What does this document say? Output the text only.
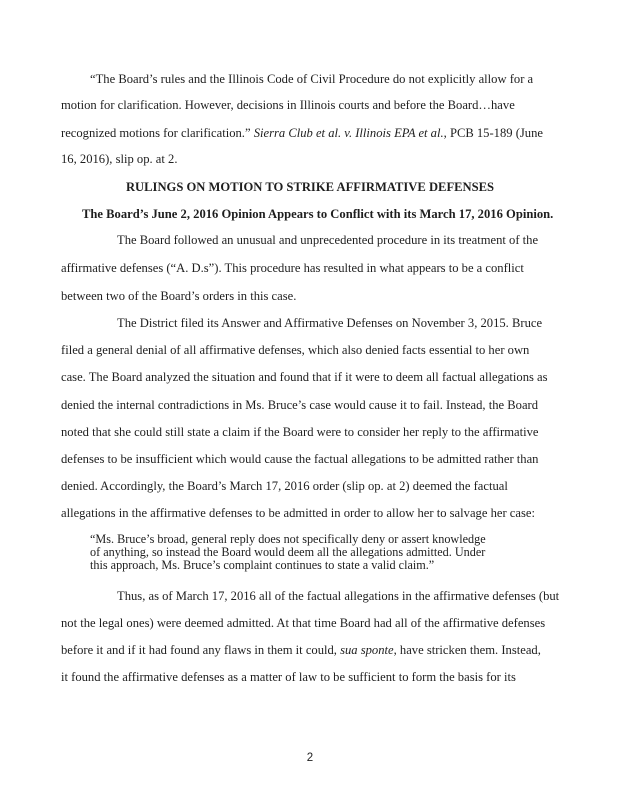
“The Board’s rules and the Illinois Code of Civil Procedure do not explicitly allow for a
motion for clarification. However, decisions in Illinois courts and before the Board…have
recognized motions for clarification.” Sierra Club et al. v. Illinois EPA et al., PCB 15-189 (June
16, 2016), slip op. at 2.
RULINGS ON MOTION TO STRIKE AFFIRMATIVE DEFENSES
The Board’s June 2, 2016 Opinion Appears to Conflict with its March 17, 2016 Opinion.
The Board followed an unusual and unprecedented procedure in its treatment of the
affirmative defenses (“A. D.s”). This procedure has resulted in what appears to be a conflict
between two of the Board’s orders in this case.
The District filed its Answer and Affirmative Defenses on November 3, 2015. Bruce
filed a general denial of all affirmative defenses, which also denied facts essential to her own
case. The Board analyzed the situation and found that if it were to deem all factual allegations as
denied the internal contradictions in Ms. Bruce’s case would cause it to fail. Instead, the Board
noted that she could still state a claim if the Board were to consider her reply to the affirmative
defenses to be insufficient which would cause the factual allegations to be admitted rather than
denied. Accordingly, the Board’s March 17, 2016 order (slip op. at 2) deemed the factual
allegations in the affirmative defenses to be admitted in order to allow her to salvage her case:
“Ms. Bruce’s broad, general reply does not specifically deny or assert knowledge
of anything, so instead the Board would deem all the allegations admitted. Under
this approach, Ms. Bruce’s complaint continues to state a valid claim.”
Thus, as of March 17, 2016 all of the factual allegations in the affirmative defenses (but
not the legal ones) were deemed admitted. At that time Board had all of the affirmative defenses
before it and if it had found any flaws in them it could, sua sponte, have stricken them. Instead,
it found the affirmative defenses as a matter of law to be sufficient to form the basis for its
2
